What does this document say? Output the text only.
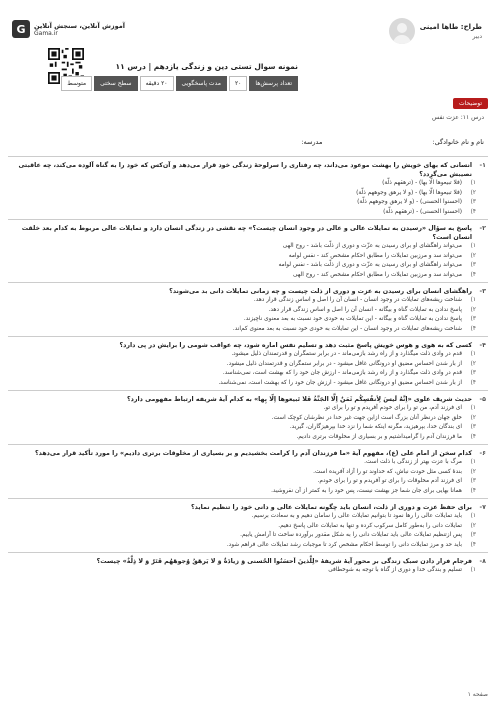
طراح: طاها امینی
دبیر
G	آموزش آنلاین، سنجش آنلاین
Gama.ir
نمونه سوال تستی دین و زندگی یازدهم | درس ۱۱
تعداد پرسش‌ها
۲۰
مدت پاسخگویی
۲۰ دقیقه
سطح سختی
متوسط
توضیحات
درس ۱۱: عزت نفس
نام و نام خانوادگی:
مدرسه:
۱-
انسانی که بهای خویش را بهشت موعود می‌داند، چه رفتاری را سرلوحهٔ زندگی خود قرار می‌دهد و آن‌کس که خود را به گناه آلوده می‌کند، چه عاقبتی نصیبش می‌گردد؟
۱)
(فلا تبیعوها الّا بها) - (ترهقهم ذلّة)
۲)
(فلا تبیعوها الّا بها) - (و لا یرهق وجوههم ذلّة)
۳)
(احسنوا الحسنی) - (و لا یرهق وجوههم ذلّة)
۴)
(احسنوا الحسنی) - (ترهقهم ذلّة)
۲-
پاسخ به سؤال «رسیدن به تمایلات عالی و عالی در وجود انسان چیست؟» چه نقشی در زندگی انسان دارد و تمایلات عالی مربوط به کدام بعد خلقت انسان است؟
۱)
می‌تواند راهگشای او برای رسیدن به عزّت و دوری از ذلّت باشد - روح الهی
۲)
می‌تواند سد و مرزبین تمایلات را مطابق احکام مشخص کند - نفس لوامه
۳)
می‌تواند راهگشای او برای رسیدن به عزّت و دوری از ذلّت باشد - نفس لوامه
۴)
می‌تواند سد و مرزبین تمایلات را مطابق احکام مشخص کند - روح الهی
۳-
راهگشای انسان برای رسیدن به عزت و دوری از ذلت چیست و چه زمانی تمایلات دانی بد می‌شوند؟
۱)
شناخت ریشه‌های تمایلات در وجود انسان - انسان آن را اصل و اساس زندگی قرار دهد.
۲)
پاسخ ندادن به تمایلات گناه و بیگانه - انسان آن را اصل و اساس زندگی قرار دهد.
۳)
پاسخ ندادن به تمایلات گناه و بیگانه - این تمایلات به خودی خود نسبت به بعد معنوی ناچیزند.
۴)
شناخت ریشه‌های تمایلات در وجود انسان - این تمایلات به خودی خود نسبت به بعد معنوی کم‌اند.
۴-
کسی که به هوی و هوس خویش پاسخ مثبت دهد و تسلیم نفس اماره شود، چه عواقب شومی را برایش در پی دارد؟
۱)
قدم در وادی ذلت میگذارد و از راه رشد بازمی‌ماند - در برابر ستمگران و قدرتمندان ذلیل میشود.
۲)
از بار شدن احساس مضیق او درونگانی غافل میشود - در برابر ستمگران و قدرتمندان ذلیل میشود.
۳)
قدم در وادی ذلت میگذارد و از راه رشد بازمی‌ماند - ارزش جان خود را که بهشت است، نمی‌شناسد.
۴)
از بار شدن احساس مضیق او درونگانی غافل میشود - ارزش جان خود را که بهشت است، نمی‌شناسد.
۵-
حدیث شریف علوی «اِنَّهُ لَیسَ لِاَنفُسِکُم ثَمَنٌ اِلَّا الجَنَّةُ فَلا تَبیعوها اِلّا بِها» به کدام آیهٔ شریفه ارتباط مفهومی دارد؟
۱)
ای فرزند آدم، من تو را برای خودم آفریدم و تو را برای تو.
۲)
خلق جهان درنظر آنان بزرگ است ازاین جهت غیر خدا در نظرشان کوچک است.
۳)
ای بندگان خدا، بپرهیزید، مگرنه اینکه شما را نزد خدا بپرهیزگاران، گیرید.
۴)
ما فرزندان آدم را گرامیداشتیم و بر بسیاری از مخلوقات برتری دادیم.
۶-
کدام سخن از امام علی (ع)، مفهوم آیهٔ «ما فرزندان آدم را کرامت بخشیدیم و بر بسیاری از مخلوقات برتری دادیم» را مورد تأکید قرار می‌دهد؟
۱)
مرگ با عزت بهتر از زندگی با ذلت است.
۲)
بندهٔ کسی مثل خودت نباش، که خداوند تو را آزاد آفریده است.
۳)
ای فرزند آدم مخلوقات را برای تو آفریدم و تو را برای خودم.
۴)
همانا بهایی برای جان شما جز بهشت نیست، پس خود را به کمتر از آن نفروشید.
۷-
برای حفظ عزت و دوری از ذلت، انسان باید چگونه تمایلات عالی و دانی خود را تنظیم نماید؟
۱)
باید تمایلات عالی را رها نمود تا بتوانیم تمایلات عالی را سامان دهیم و به سعادت برسیم.
۲)
تمایلات دانی را به‌طور کامل سرکوب کرده و تنها به تمایلات عالی پاسخ دهیم.
۳)
پس ازتنظیم تمایلات عالی باید تمایلات دانی را به شکل مقدور برآورده ساخت تا آرامش یابیم.
۴)
باید حد و مرز تمایلات دانی را توسط احکام مشخص کرد تا موجبات رشد تمایلات عالی فراهم شود.
۸-
فرجام فرار دادن سبک زندگی بر محور آیهٔ شریفهٔ «لِلَّذینَ اَحسَنُوا الحُسنی وَ زیادَةٌ وَ لا یَرهَقُ وُجوهَهُم قَتَرٌ وَ لا ذِلَّةٌ» چیست؟
۱)
تسلیم و بندگی خدا و دوری از گناه با توجه به شوخطافی
صفحه ۱
